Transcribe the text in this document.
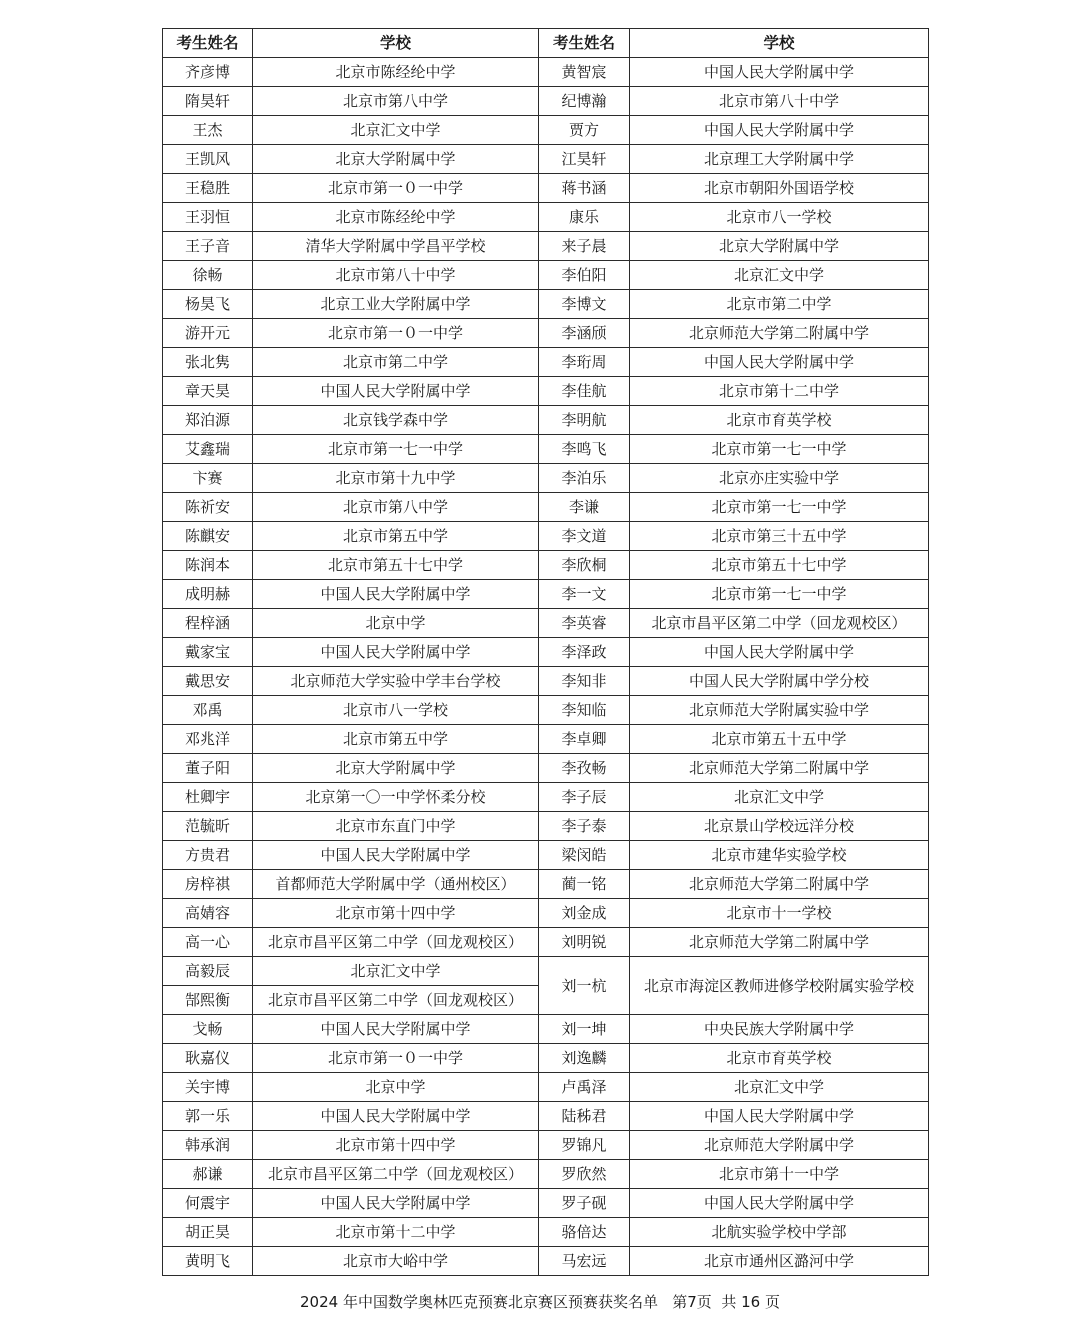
考生姓名	学校	考生姓名	学校
齐彦博	北京市陈经纶中学	黄智宸	中国人民大学附属中学
隋昊轩	北京市第八中学	纪博瀚	北京市第八十中学
王杰	北京汇文中学	贾方	中国人民大学附属中学
王凯风	北京大学附属中学	江昊轩	北京理工大学附属中学
王稳胜	北京市第一０一中学	蒋书涵	北京市朝阳外国语学校
王羽恒	北京市陈经纶中学	康乐	北京市八一学校
王子音	清华大学附属中学昌平学校	来子晨	北京大学附属中学
徐畅	北京市第八十中学	李伯阳	北京汇文中学
杨昊飞	北京工业大学附属中学	李博文	北京市第二中学
游开元	北京市第一０一中学	李涵颀	北京师范大学第二附属中学
张北隽	北京市第二中学	李珩周	中国人民大学附属中学
章天昊	中国人民大学附属中学	李佳航	北京市第十二中学
郑泊源	北京钱学森中学	李明航	北京市育英学校
艾鑫瑞	北京市第一七一中学	李鸣飞	北京市第一七一中学
卞赛	北京市第十九中学	李泊乐	北京亦庄实验中学
陈祈安	北京市第八中学	李谦	北京市第一七一中学
陈麒安	北京市第五中学	李文道	北京市第三十五中学
陈润本	北京市第五十七中学	李欣桐	北京市第五十七中学
成明赫	中国人民大学附属中学	李一文	北京市第一七一中学
程梓涵	北京中学	李英睿	北京市昌平区第二中学（回龙观校区）
戴家宝	中国人民大学附属中学	李泽政	中国人民大学附属中学
戴思安	北京师范大学实验中学丰台学校	李知非	中国人民大学附属中学分校
邓禹	北京市八一学校	李知临	北京师范大学附属实验中学
邓兆洋	北京市第五中学	李卓卿	北京市第五十五中学
董子阳	北京大学附属中学	李孜畅	北京师范大学第二附属中学
杜卿宇	北京第一〇一中学怀柔分校	李子辰	北京汇文中学
范毓昕	北京市东直门中学	李子泰	北京景山学校远洋分校
方贵君	中国人民大学附属中学	梁闵皓	北京市建华实验学校
房梓祺	首都师范大学附属中学（通州校区）	蔺一铭	北京师范大学第二附属中学
高婧容	北京市第十四中学	刘金成	北京市十一学校
高一心	北京市昌平区第二中学（回龙观校区）	刘明锐	北京师范大学第二附属中学
高毅辰	北京汇文中学	刘一杭	北京市海淀区教师进修学校附属实验学校
郜熙衡	北京市昌平区第二中学（回龙观校区）		
戈畅	中国人民大学附属中学	刘一坤	中央民族大学附属中学
耿嘉仪	北京市第一０一中学	刘逸麟	北京市育英学校
关宇博	北京中学	卢禹泽	北京汇文中学
郭一乐	中国人民大学附属中学	陆秭君	中国人民大学附属中学
韩承润	北京市第十四中学	罗锦凡	北京师范大学附属中学
郝谦	北京市昌平区第二中学（回龙观校区）	罗欣然	北京市第十一中学
何震宇	中国人民大学附属中学	罗子砚	中国人民大学附属中学
胡正昊	北京市第十二中学	骆倍达	北航实验学校中学部
黄明飞	北京市大峪中学	马宏远	北京市通州区潞河中学
2024 年中国数学奥林匹克预赛北京赛区预赛获奖名单   第7页  共 16 页
